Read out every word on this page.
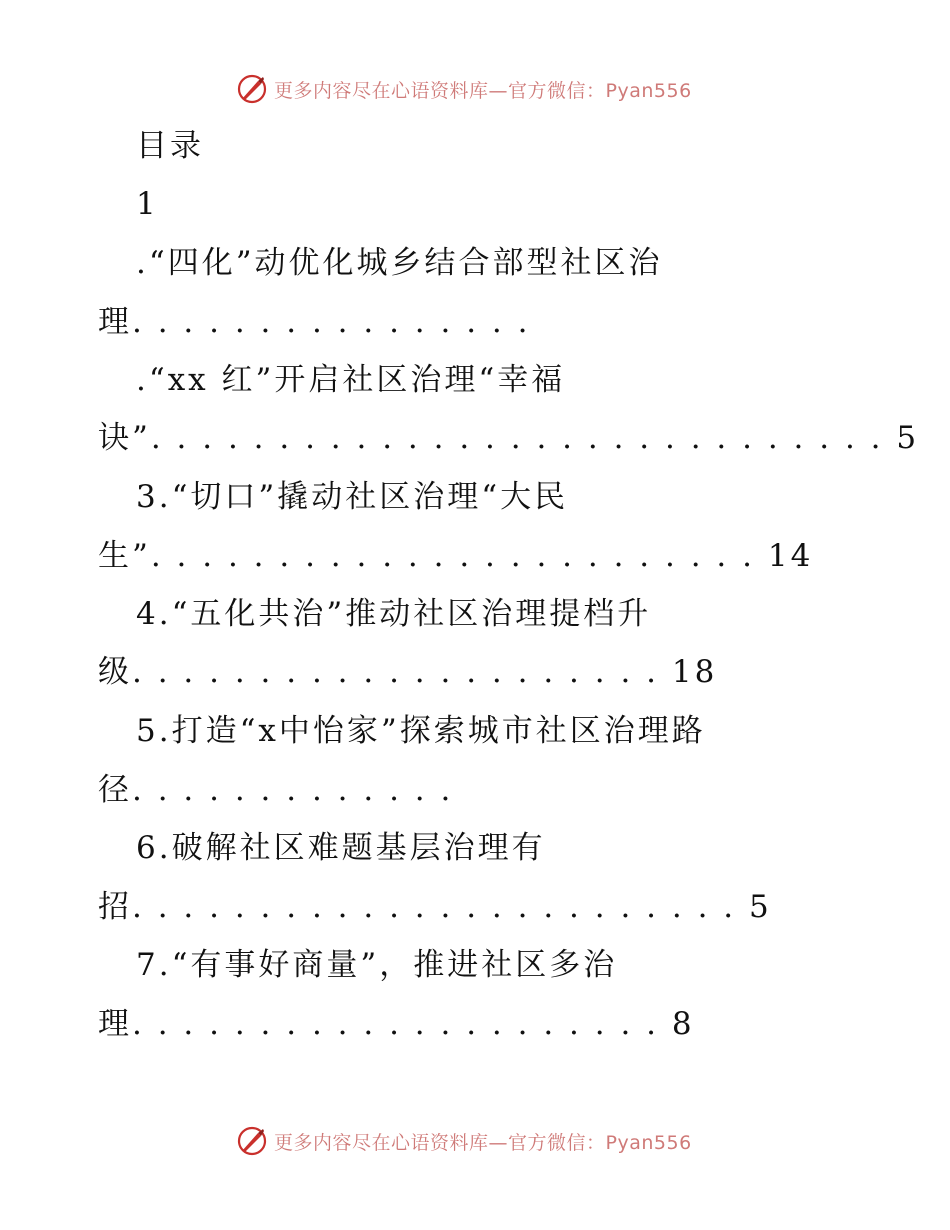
更多内容尽在心语资料库—官方微信：Pyan556
目录
1
.“四化”动优化城乡结合部型社区治
理. . . . . . . . . . . . . . . .
.“xx 红”开启社区治理“幸福
诀”. . . . . . . . . . . . . . . . . . . . . . . . . . . . . 5
3.“切口”撬动社区治理“大民
生”. . . . . . . . . . . . . . . . . . . . . . . . 14
4.“五化共治”推动社区治理提档升
级. . . . . . . . . . . . . . . . . . . . . 18
5.打造“x中怡家”探索城市社区治理路
径. . . . . . . . . . . . .
6.破解社区难题基层治理有
招. . . . . . . . . . . . . . . . . . . . . . . . 5
7.“有事好商量”，推进社区多治
理. . . . . . . . . . . . . . . . . . . . . 8
更多内容尽在心语资料库—官方微信：Pyan556
